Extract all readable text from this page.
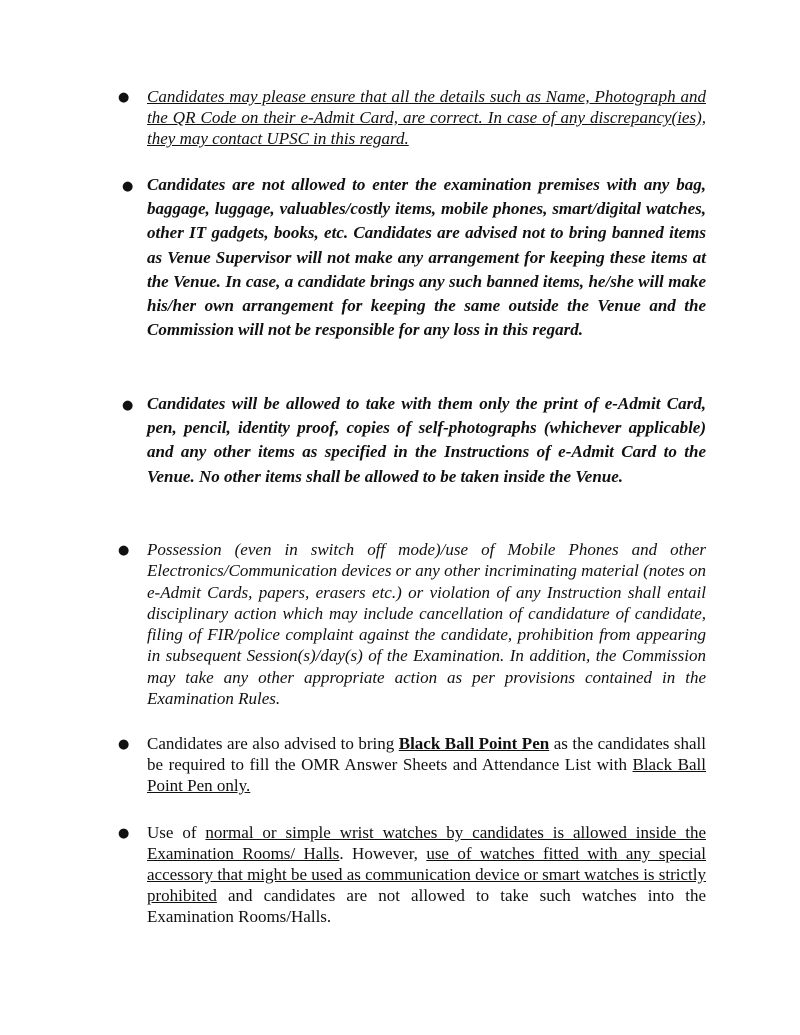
● Candidates may please ensure that all the details such as Name, Photograph and the QR Code on their e-Admit Card, are correct. In case of any discrepancy(ies), they may contact UPSC in this regard.
● Candidates are not allowed to enter the examination premises with any bag, baggage, luggage, valuables/costly items, mobile phones, smart/digital watches, other IT gadgets, books, etc. Candidates are advised not to bring banned items as Venue Supervisor will not make any arrangement for keeping these items at the Venue. In case, a candidate brings any such banned items, he/she will make his/her own arrangement for keeping the same outside the Venue and the Commission will not be responsible for any loss in this regard.
● Candidates will be allowed to take with them only the print of e-Admit Card, pen, pencil, identity proof, copies of self-photographs (whichever applicable) and any other items as specified in the Instructions of e-Admit Card to the Venue. No other items shall be allowed to be taken inside the Venue.
● Possession (even in switch off mode)/use of Mobile Phones and other Electronics/Communication devices or any other incriminating material (notes on e-Admit Cards, papers, erasers etc.) or violation of any Instruction shall entail disciplinary action which may include cancellation of candidature of candidate, filing of FIR/police complaint against the candidate, prohibition from appearing in subsequent Session(s)/day(s) of the Examination. In addition, the Commission may take any other appropriate action as per provisions contained in the Examination Rules.
● Candidates are also advised to bring Black Ball Point Pen as the candidates shall be required to fill the OMR Answer Sheets and Attendance List with Black Ball Point Pen only.
● Use of normal or simple wrist watches by candidates is allowed inside the Examination Rooms/ Halls. However, use of watches fitted with any special accessory that might be used as communication device or smart watches is strictly prohibited and candidates are not allowed to take such watches into the Examination Rooms/Halls.
